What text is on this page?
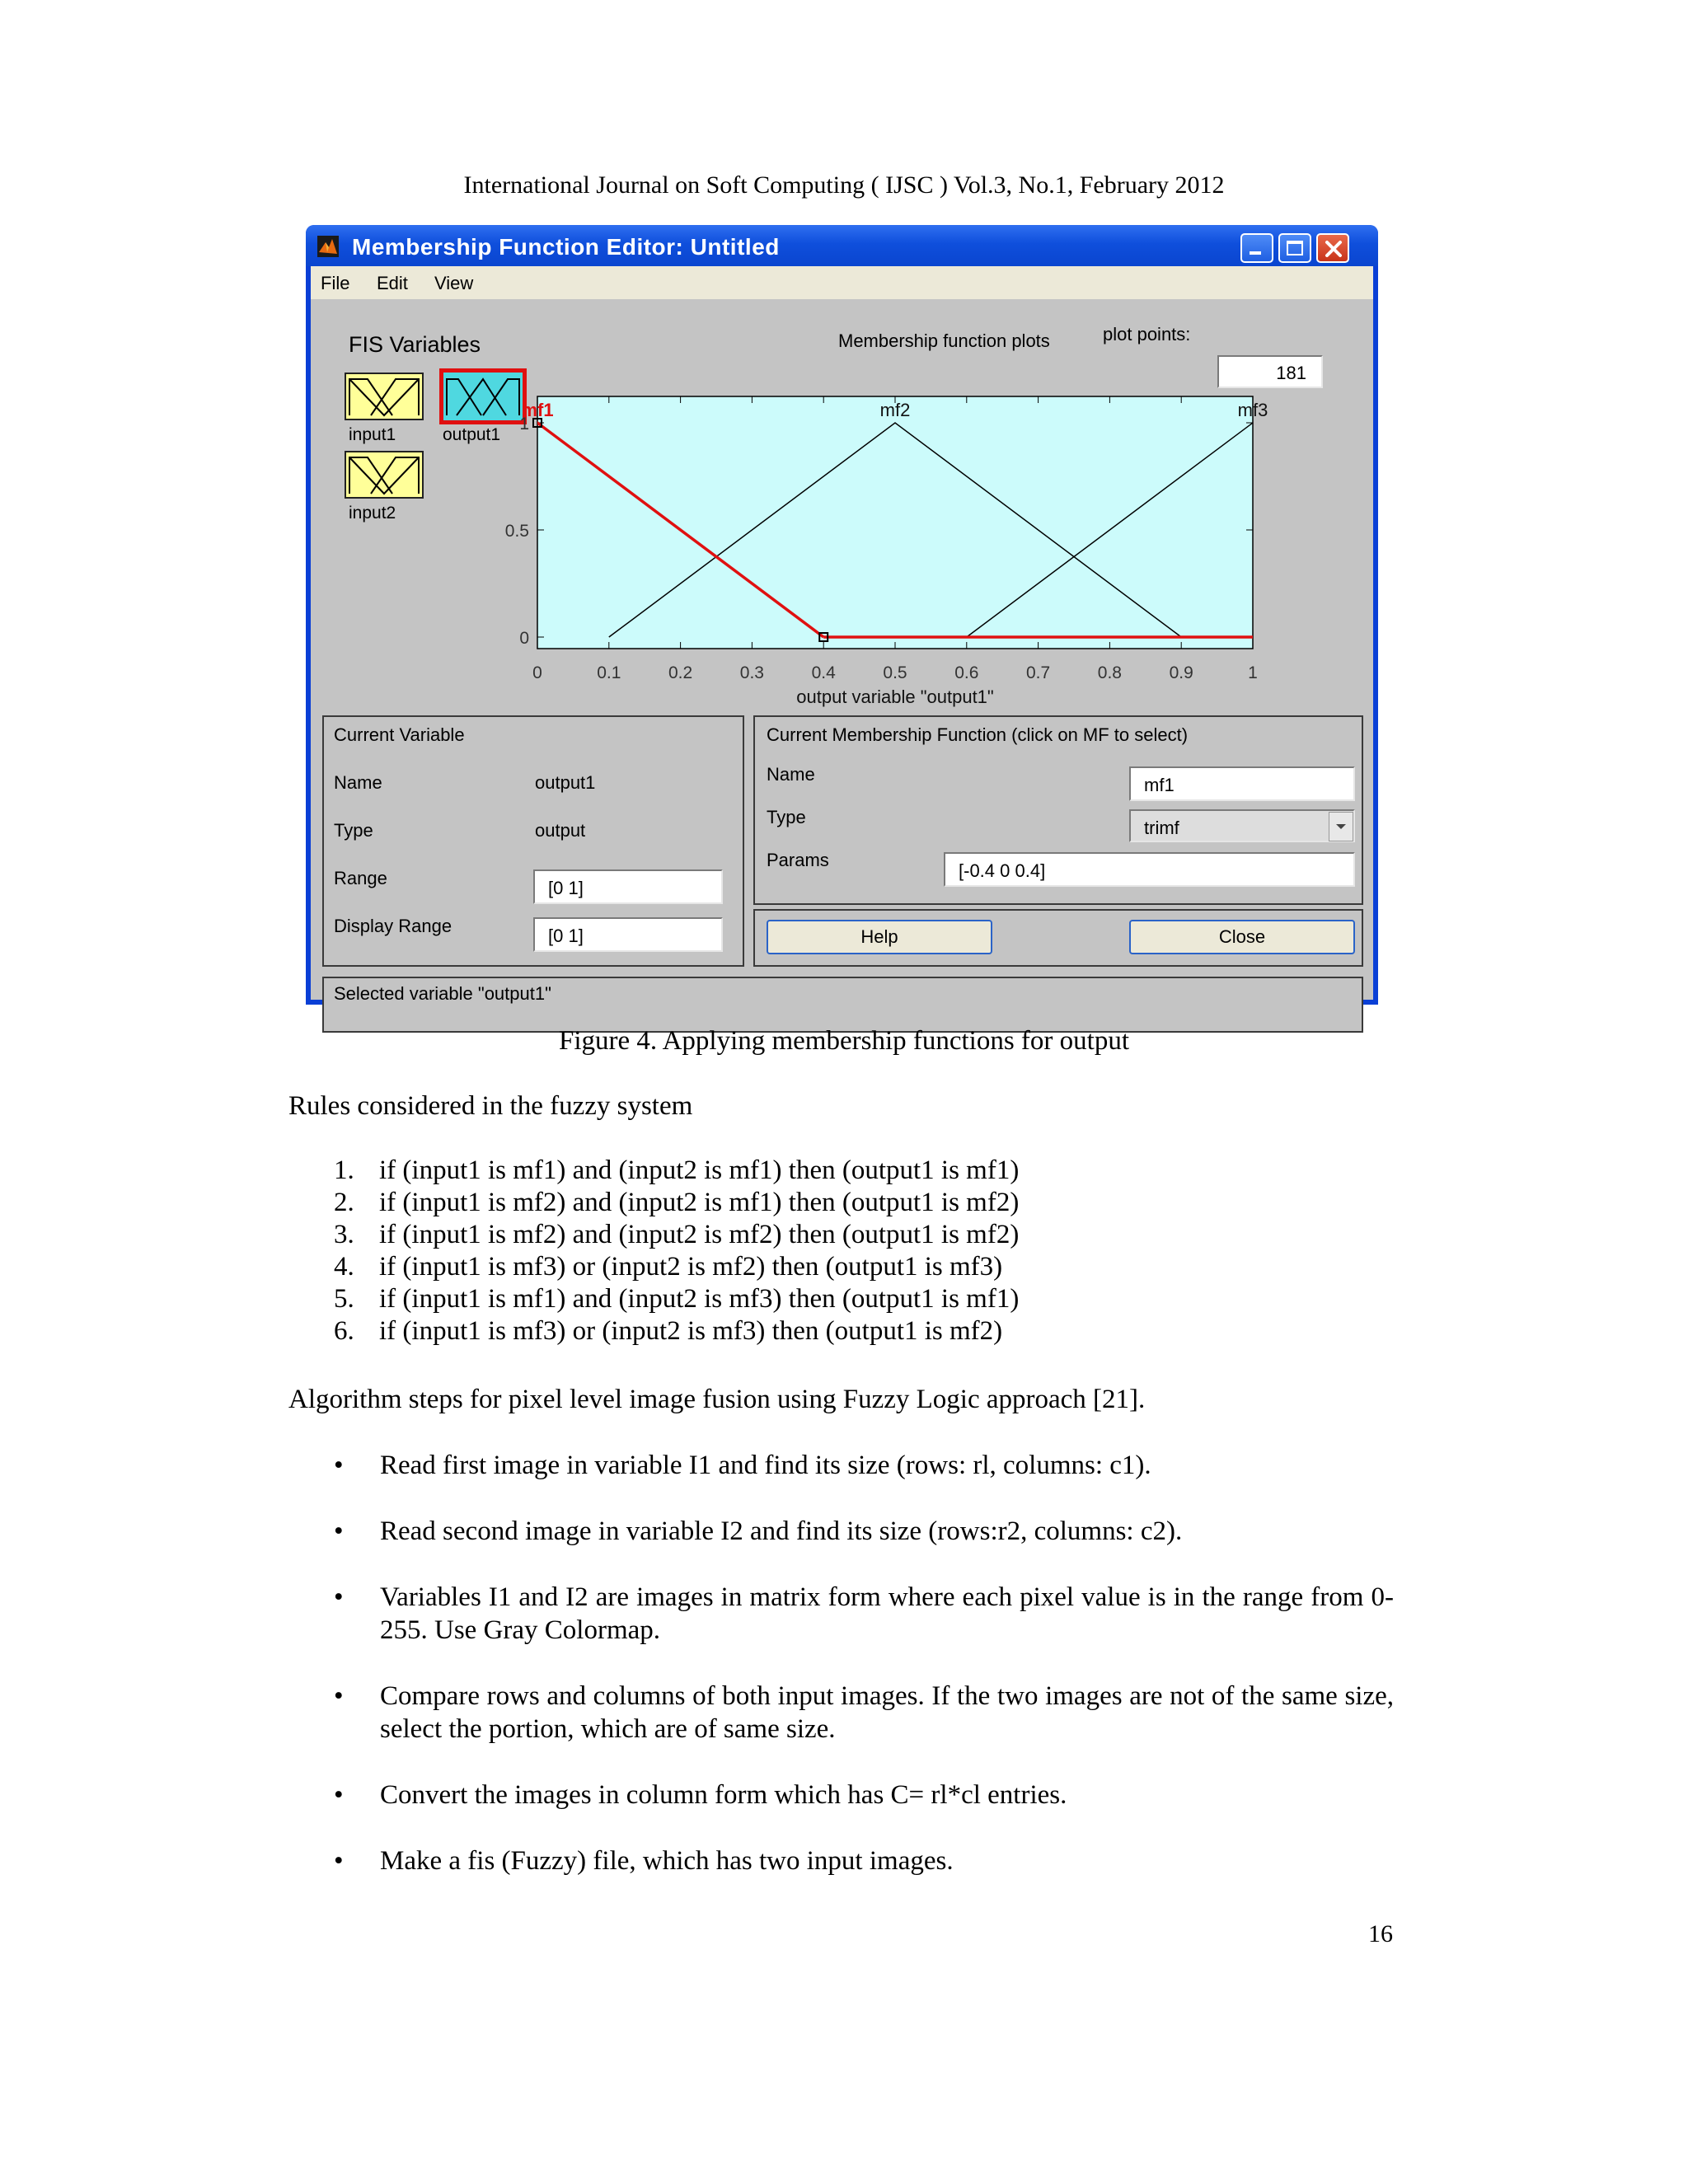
International Journal on Soft Computing ( IJSC ) Vol.3, No.1, February 2012
Membership Function Editor: Untitled
File Edit View
FIS Variables
input1	output1
input2
Membership function plots	plot points:
181
0	0.1	0.2	0.3	0.4	0.5	0.6	0.7	0.8	0.9	1
0
0.5
1
mf2	mf3
mf1
output variable "output1"
Current Variable
Name	output1
Type	output
Range	[0 1]
Display Range	[0 1]
Current Membership Function (click on MF to select)
Name
mf1
Type
trimf
Params
[-0.4 0 0.4]
Help	Close
Selected variable "output1"
Figure 4. Applying membership functions for output
Rules considered in the fuzzy system
1. if (input1 is mf1) and (input2 is mf1) then (output1 is mf1)
2. if (input1 is mf2) and (input2 is mf1) then (output1 is mf2)
3. if (input1 is mf2) and (input2 is mf2) then (output1 is mf2)
4. if (input1 is mf3) or (input2 is mf2) then (output1 is mf3)
5. if (input1 is mf1) and (input2 is mf3) then (output1 is mf1)
6. if (input1 is mf3) or (input2 is mf3) then (output1 is mf2)
Algorithm steps for pixel level image fusion using Fuzzy Logic approach [21].
• Read first image in variable I1 and find its size (rows: rl, columns: c1).
• Read second image in variable I2 and find its size (rows:r2, columns: c2).
• Variables I1 and I2 are images in matrix form where each pixel value is in the range from 0-255. Use Gray Colormap.
• Compare rows and columns of both input images. If the two images are not of the same size, select the portion, which are of same size.
• Convert the images in column form which has C= rl*cl entries.
• Make a fis (Fuzzy) file, which has two input images.
16
